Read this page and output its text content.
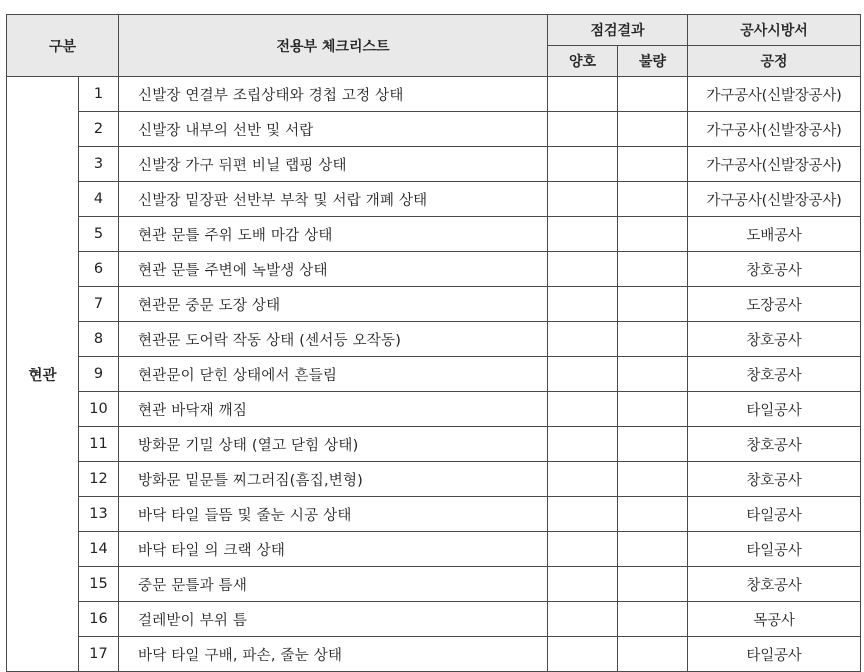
구분		전용부 체크리스트	점검결과		공사시방서
			양호	불량	공정
현관	1	신발장 연결부 조립상태와 경첩 고정 상태			가구공사(신발장공사)
	2	신발장 내부의 선반 및 서랍			가구공사(신발장공사)
	3	신발장 가구 뒤편 비닐 랩핑 상태			가구공사(신발장공사)
	4	신발장 밑장판 선반부 부착 및 서랍 개폐 상태			가구공사(신발장공사)
	5	현관 문틀 주위 도배 마감 상태			도배공사
	6	현관 문틀 주변에 녹발생 상태			창호공사
	7	현관문 중문 도장 상태			도장공사
	8	현관문 도어락 작동 상태 (센서등 오작동)			창호공사
	9	현관문이 닫힌 상태에서 흔들림			창호공사
	10	현관 바닥재 깨짐			타일공사
	11	방화문 기밀 상태 (열고 닫힘 상태)			창호공사
	12	방화문 밑문틀 찌그러짐(흠집,변형)			창호공사
	13	바닥 타일 들뜸 및 줄눈 시공 상태			타일공사
	14	바닥 타일 의 크랙 상태			타일공사
	15	중문 문틀과 틈새			창호공사
	16	걸레받이 부위 틈			목공사
	17	바닥 타일 구배, 파손, 줄눈 상태			타일공사
